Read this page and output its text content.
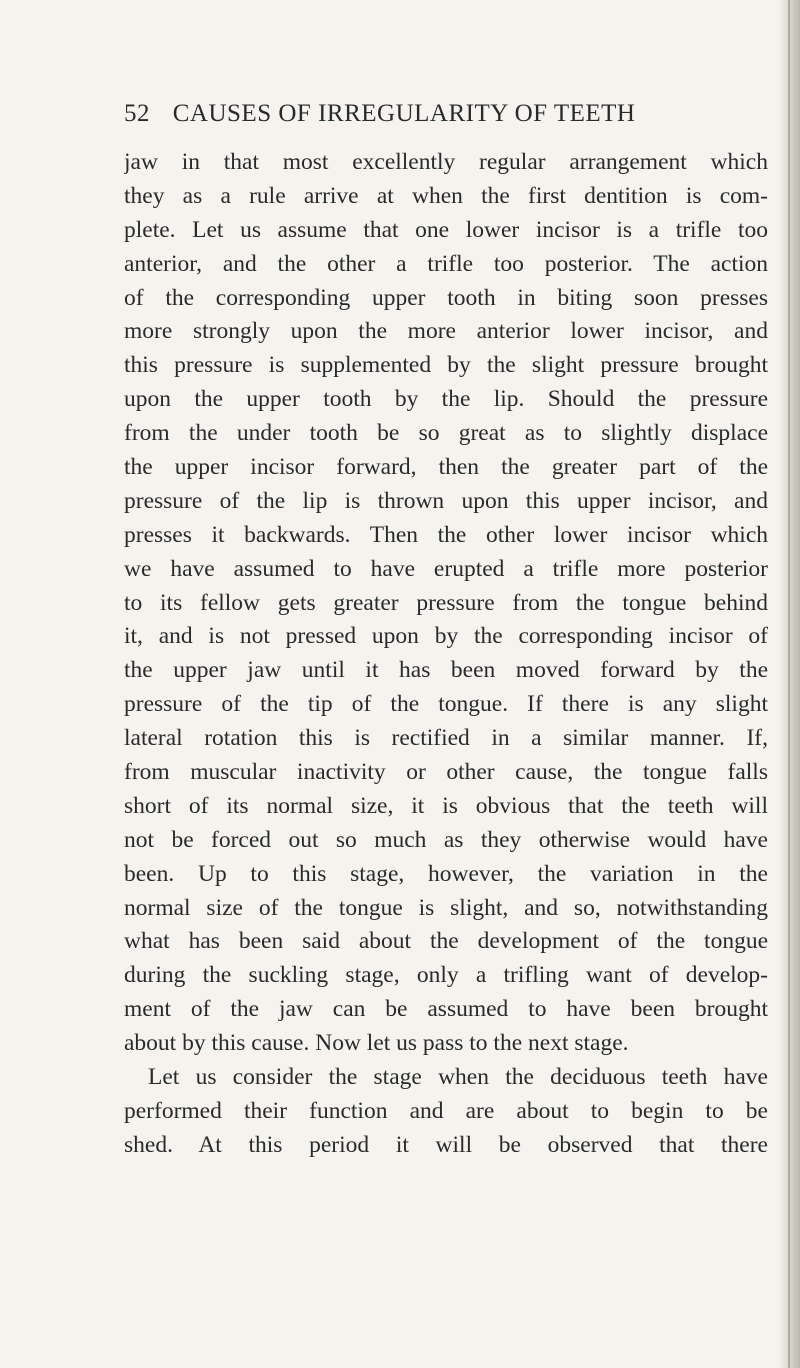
52 CAUSES OF IRREGULARITY OF TEETH
jaw in that most excellently regular arrangement which
they as a rule arrive at when the first dentition is com-
plete. Let us assume that one lower incisor is a trifle too
anterior, and the other a trifle too posterior. The action
of the corresponding upper tooth in biting soon presses
more strongly upon the more anterior lower incisor, and
this pressure is supplemented by the slight pressure brought
upon the upper tooth by the lip. Should the pressure
from the under tooth be so great as to slightly displace
the upper incisor forward, then the greater part of the
pressure of the lip is thrown upon this upper incisor, and
presses it backwards. Then the other lower incisor which
we have assumed to have erupted a trifle more posterior
to its fellow gets greater pressure from the tongue behind
it, and is not pressed upon by the corresponding incisor of
the upper jaw until it has been moved forward by the
pressure of the tip of the tongue. If there is any slight
lateral rotation this is rectified in a similar manner. If,
from muscular inactivity or other cause, the tongue falls
short of its normal size, it is obvious that the teeth will
not be forced out so much as they otherwise would have
been. Up to this stage, however, the variation in the
normal size of the tongue is slight, and so, notwithstanding
what has been said about the development of the tongue
during the suckling stage, only a trifling want of develop-
ment of the jaw can be assumed to have been brought
about by this cause. Now let us pass to the next stage.
Let us consider the stage when the deciduous teeth have
performed their function and are about to begin to be
shed. At this period it will be observed that there
